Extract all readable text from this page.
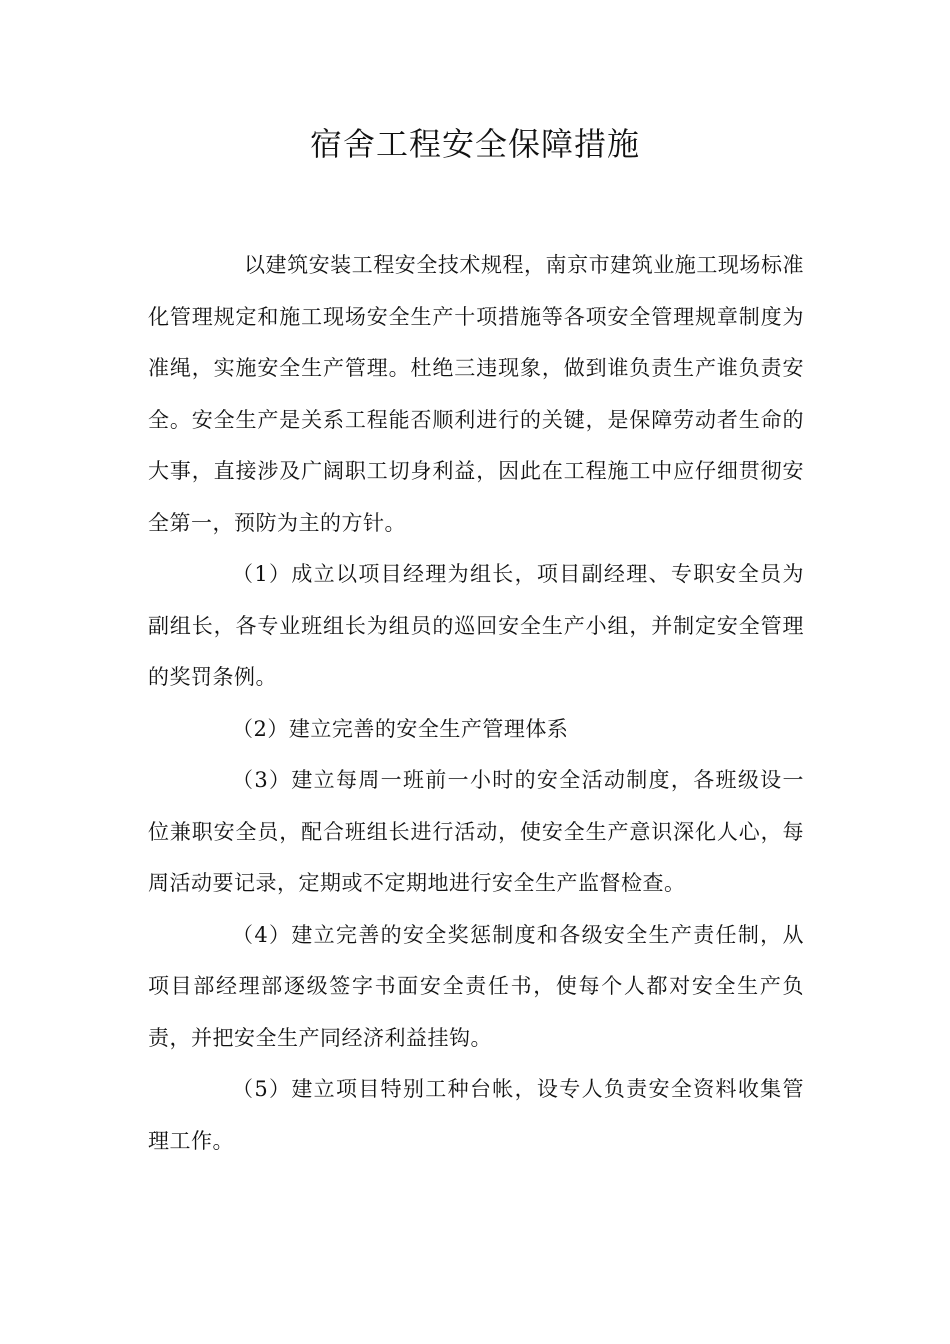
宿舍工程安全保障措施

以建筑安装工程安全技术规程，南京市建筑业施工现场标准化管理规定和施工现场安全生产十项措施等各项安全管理规章制度为准绳，实施安全生产管理。杜绝三违现象，做到谁负责生产谁负责安全。安全生产是关系工程能否顺利进行的关键，是保障劳动者生命的大事，直接涉及广阔职工切身利益，因此在工程施工中应仔细贯彻安全第一，预防为主的方针。

（1）成立以项目经理为组长，项目副经理、专职安全员为副组长，各专业班组长为组员的巡回安全生产小组，并制定安全管理的奖罚条例。

（2）建立完善的安全生产管理体系

（3）建立每周一班前一小时的安全活动制度，各班级设一位兼职安全员，配合班组长进行活动，使安全生产意识深化人心，每周活动要记录，定期或不定期地进行安全生产监督检查。

（4）建立完善的安全奖惩制度和各级安全生产责任制，从项目部经理部逐级签字书面安全责任书，使每个人都对安全生产负责，并把安全生产同经济利益挂钩。

（5）建立项目特别工种台帐，设专人负责安全资料收集管理工作。
